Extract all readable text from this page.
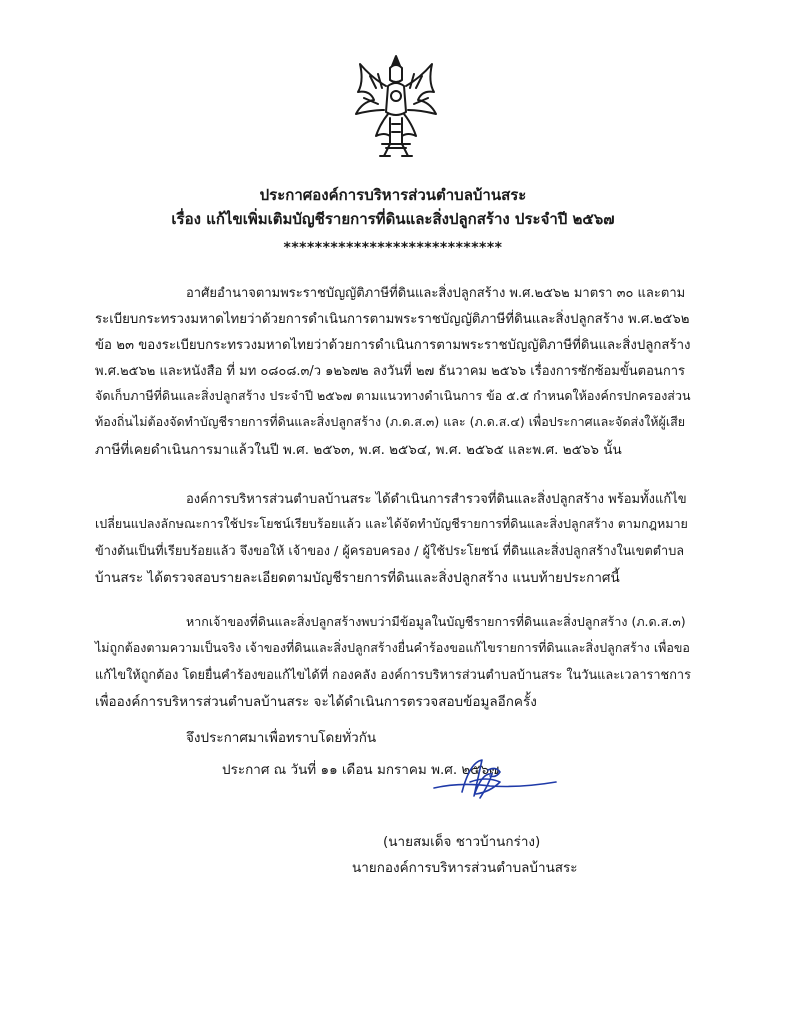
ประกาศองค์การบริหารส่วนตำบลบ้านสระ
เรื่อง แก้ไขเพิ่มเติมบัญชีรายการที่ดินและสิ่งปลูกสร้าง ประจำปี ๒๕๖๗
****************************
อาศัยอำนาจตามพระราชบัญญัติภาษีที่ดินและสิ่งปลูกสร้าง พ.ศ.๒๕๖๒ มาตรา ๓๐ และตาม
ระเบียบกระทรวงมหาดไทยว่าด้วยการดำเนินการตามพระราชบัญญัติภาษีที่ดินและสิ่งปลูกสร้าง พ.ศ.๒๕๖๒
ข้อ ๒๓ ของระเบียบกระทรวงมหาดไทยว่าด้วยการดำเนินการตามพระราชบัญญัติภาษีที่ดินและสิ่งปลูกสร้าง
พ.ศ.๒๕๖๒ และหนังสือ ที่ มท ๐๘๐๘.๓/ว ๑๒๖๗๒ ลงวันที่ ๒๗ ธันวาคม ๒๕๖๖ เรื่องการซักซ้อมขั้นตอนการ
จัดเก็บภาษีที่ดินและสิ่งปลูกสร้าง ประจำปี ๒๕๖๗ ตามแนวทางดำเนินการ ข้อ ๕.๕ กำหนดให้องค์กรปกครองส่วน
ท้องถิ่นไม่ต้องจัดทำบัญชีรายการที่ดินและสิ่งปลูกสร้าง (ภ.ด.ส.๓) และ (ภ.ด.ส.๔) เพื่อประกาศและจัดส่งให้ผู้เสีย
ภาษีที่เคยดำเนินการมาแล้วในปี พ.ศ. ๒๕๖๓, พ.ศ. ๒๕๖๔, พ.ศ. ๒๕๖๕ และพ.ศ. ๒๕๖๖ นั้น
องค์การบริหารส่วนตำบลบ้านสระ ได้ดำเนินการสำรวจที่ดินและสิ่งปลูกสร้าง พร้อมทั้งแก้ไข
เปลี่ยนแปลงลักษณะการใช้ประโยชน์เรียบร้อยแล้ว และได้จัดทำบัญชีรายการที่ดินและสิ่งปลูกสร้าง ตามกฎหมาย
ข้างต้นเป็นที่เรียบร้อยแล้ว จึงขอให้ เจ้าของ / ผู้ครอบครอง / ผู้ใช้ประโยชน์ ที่ดินและสิ่งปลูกสร้างในเขตตำบล
บ้านสระ ได้ตรวจสอบรายละเอียดตามบัญชีรายการที่ดินและสิ่งปลูกสร้าง แนบท้ายประกาศนี้
หากเจ้าของที่ดินและสิ่งปลูกสร้างพบว่ามีข้อมูลในบัญชีรายการที่ดินและสิ่งปลูกสร้าง (ภ.ด.ส.๓)
ไม่ถูกต้องตามความเป็นจริง เจ้าของที่ดินและสิ่งปลูกสร้างยื่นคำร้องขอแก้ไขรายการที่ดินและสิ่งปลูกสร้าง เพื่อขอ
แก้ไขให้ถูกต้อง โดยยื่นคำร้องขอแก้ไขได้ที่ กองคลัง องค์การบริหารส่วนตำบลบ้านสระ ในวันและเวลาราชการ
เพื่อองค์การบริหารส่วนตำบลบ้านสระ จะได้ดำเนินการตรวจสอบข้อมูลอีกครั้ง
จึงประกาศมาเพื่อทราบโดยทั่วกัน
ประกาศ ณ วันที่ ๑๑ เดือน มกราคม พ.ศ. ๒๕๖๗
(นายสมเด็จ ชาวบ้านกร่าง)
นายกองค์การบริหารส่วนตำบลบ้านสระ
